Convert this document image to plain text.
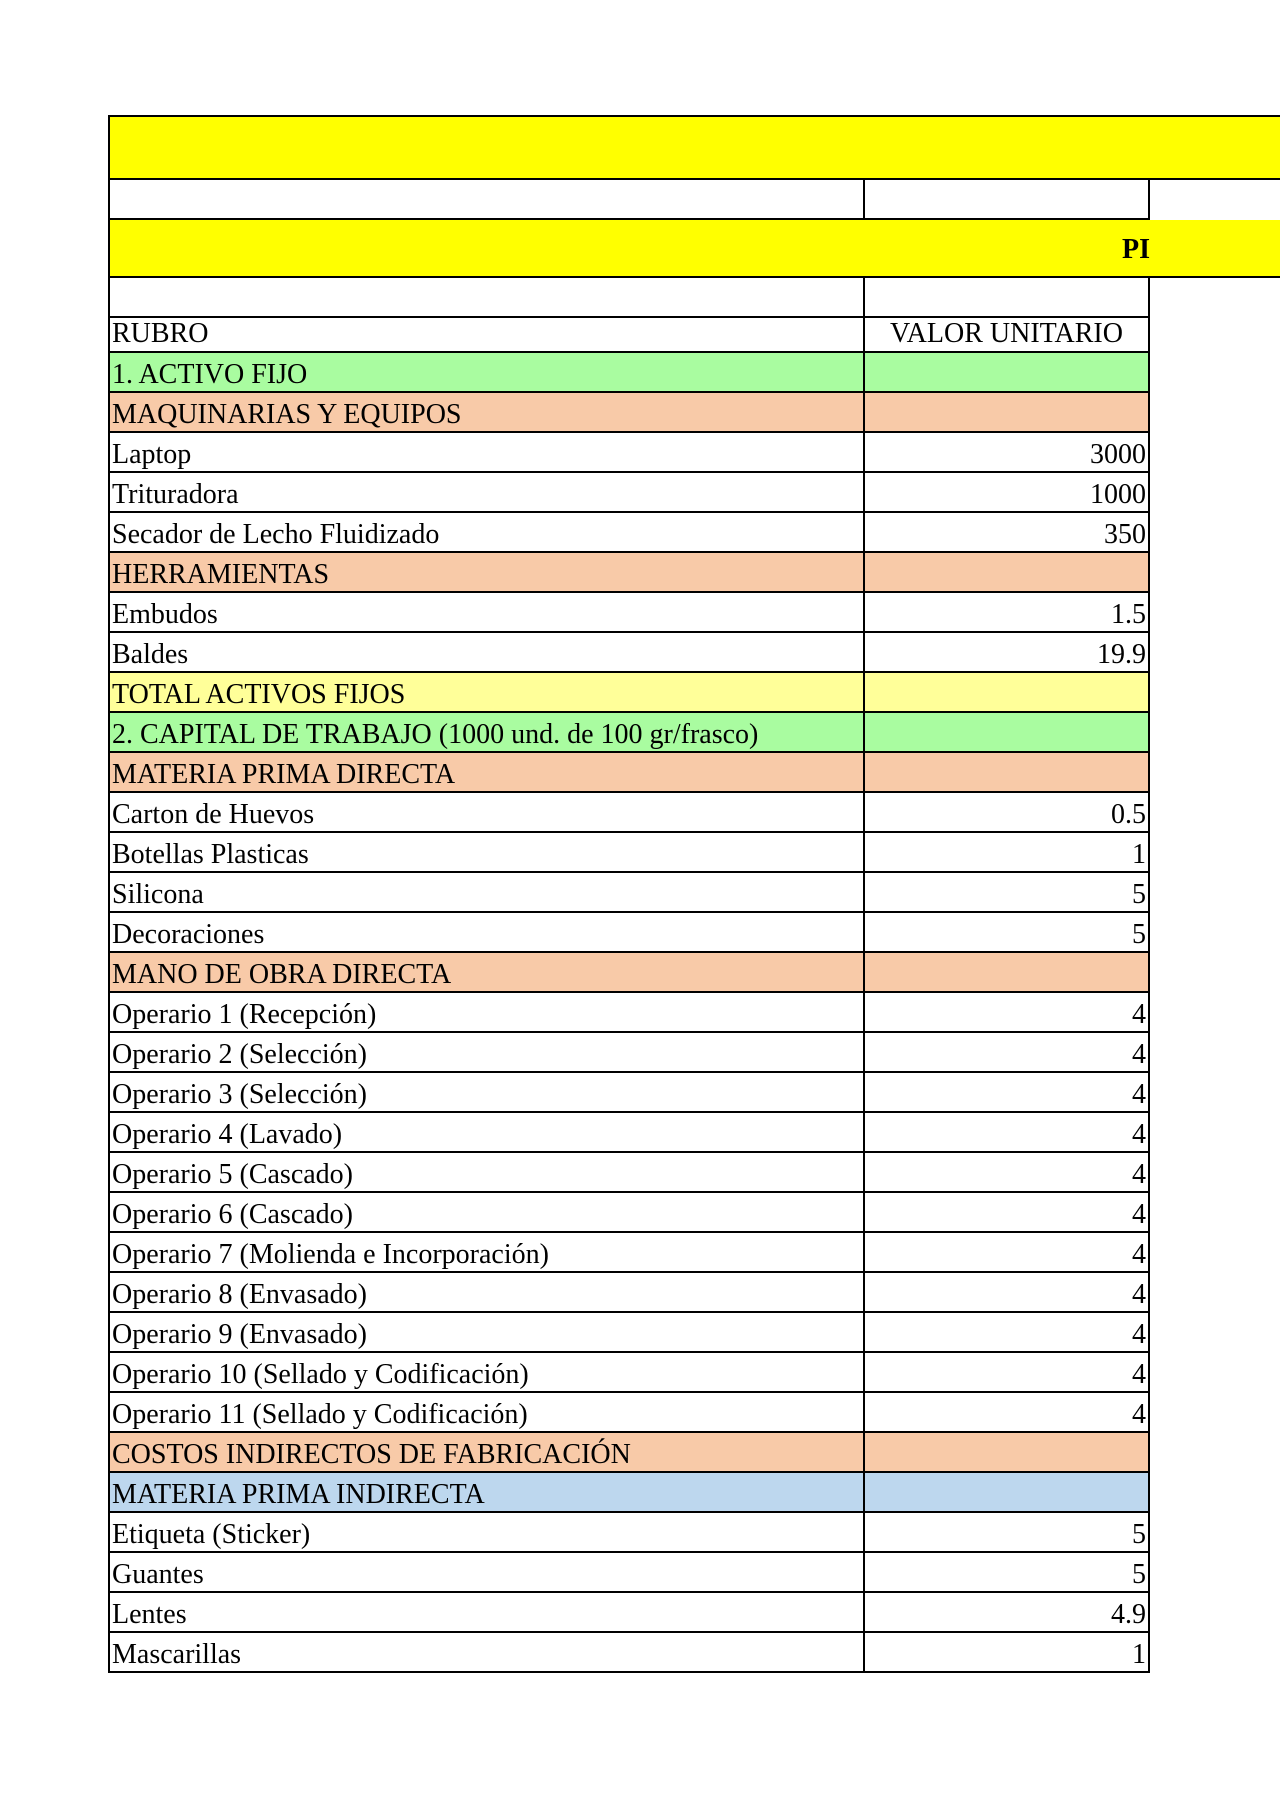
PI
RUBRO	VALOR UNITARIO
1. ACTIVO FIJO
MAQUINARIAS Y EQUIPOS
Laptop	3000
Trituradora	1000
Secador de Lecho Fluidizado	350
HERRAMIENTAS
Embudos	1.5
Baldes	19.9
TOTAL ACTIVOS FIJOS
2. CAPITAL DE TRABAJO (1000 und. de 100 gr/frasco)
MATERIA PRIMA DIRECTA
Carton de Huevos	0.5
Botellas Plasticas	1
Silicona	5
Decoraciones	5
MANO DE OBRA DIRECTA
Operario 1 (Recepción)	4
Operario 2 (Selección)	4
Operario 3 (Selección)	4
Operario 4 (Lavado)	4
Operario 5 (Cascado)	4
Operario 6 (Cascado)	4
Operario 7 (Molienda e Incorporación)	4
Operario 8 (Envasado)	4
Operario 9 (Envasado)	4
Operario 10 (Sellado y Codificación)	4
Operario 11 (Sellado y Codificación)	4
COSTOS INDIRECTOS DE FABRICACIÓN
MATERIA PRIMA INDIRECTA
Etiqueta (Sticker)	5
Guantes	5
Lentes	4.9
Mascarillas	1
